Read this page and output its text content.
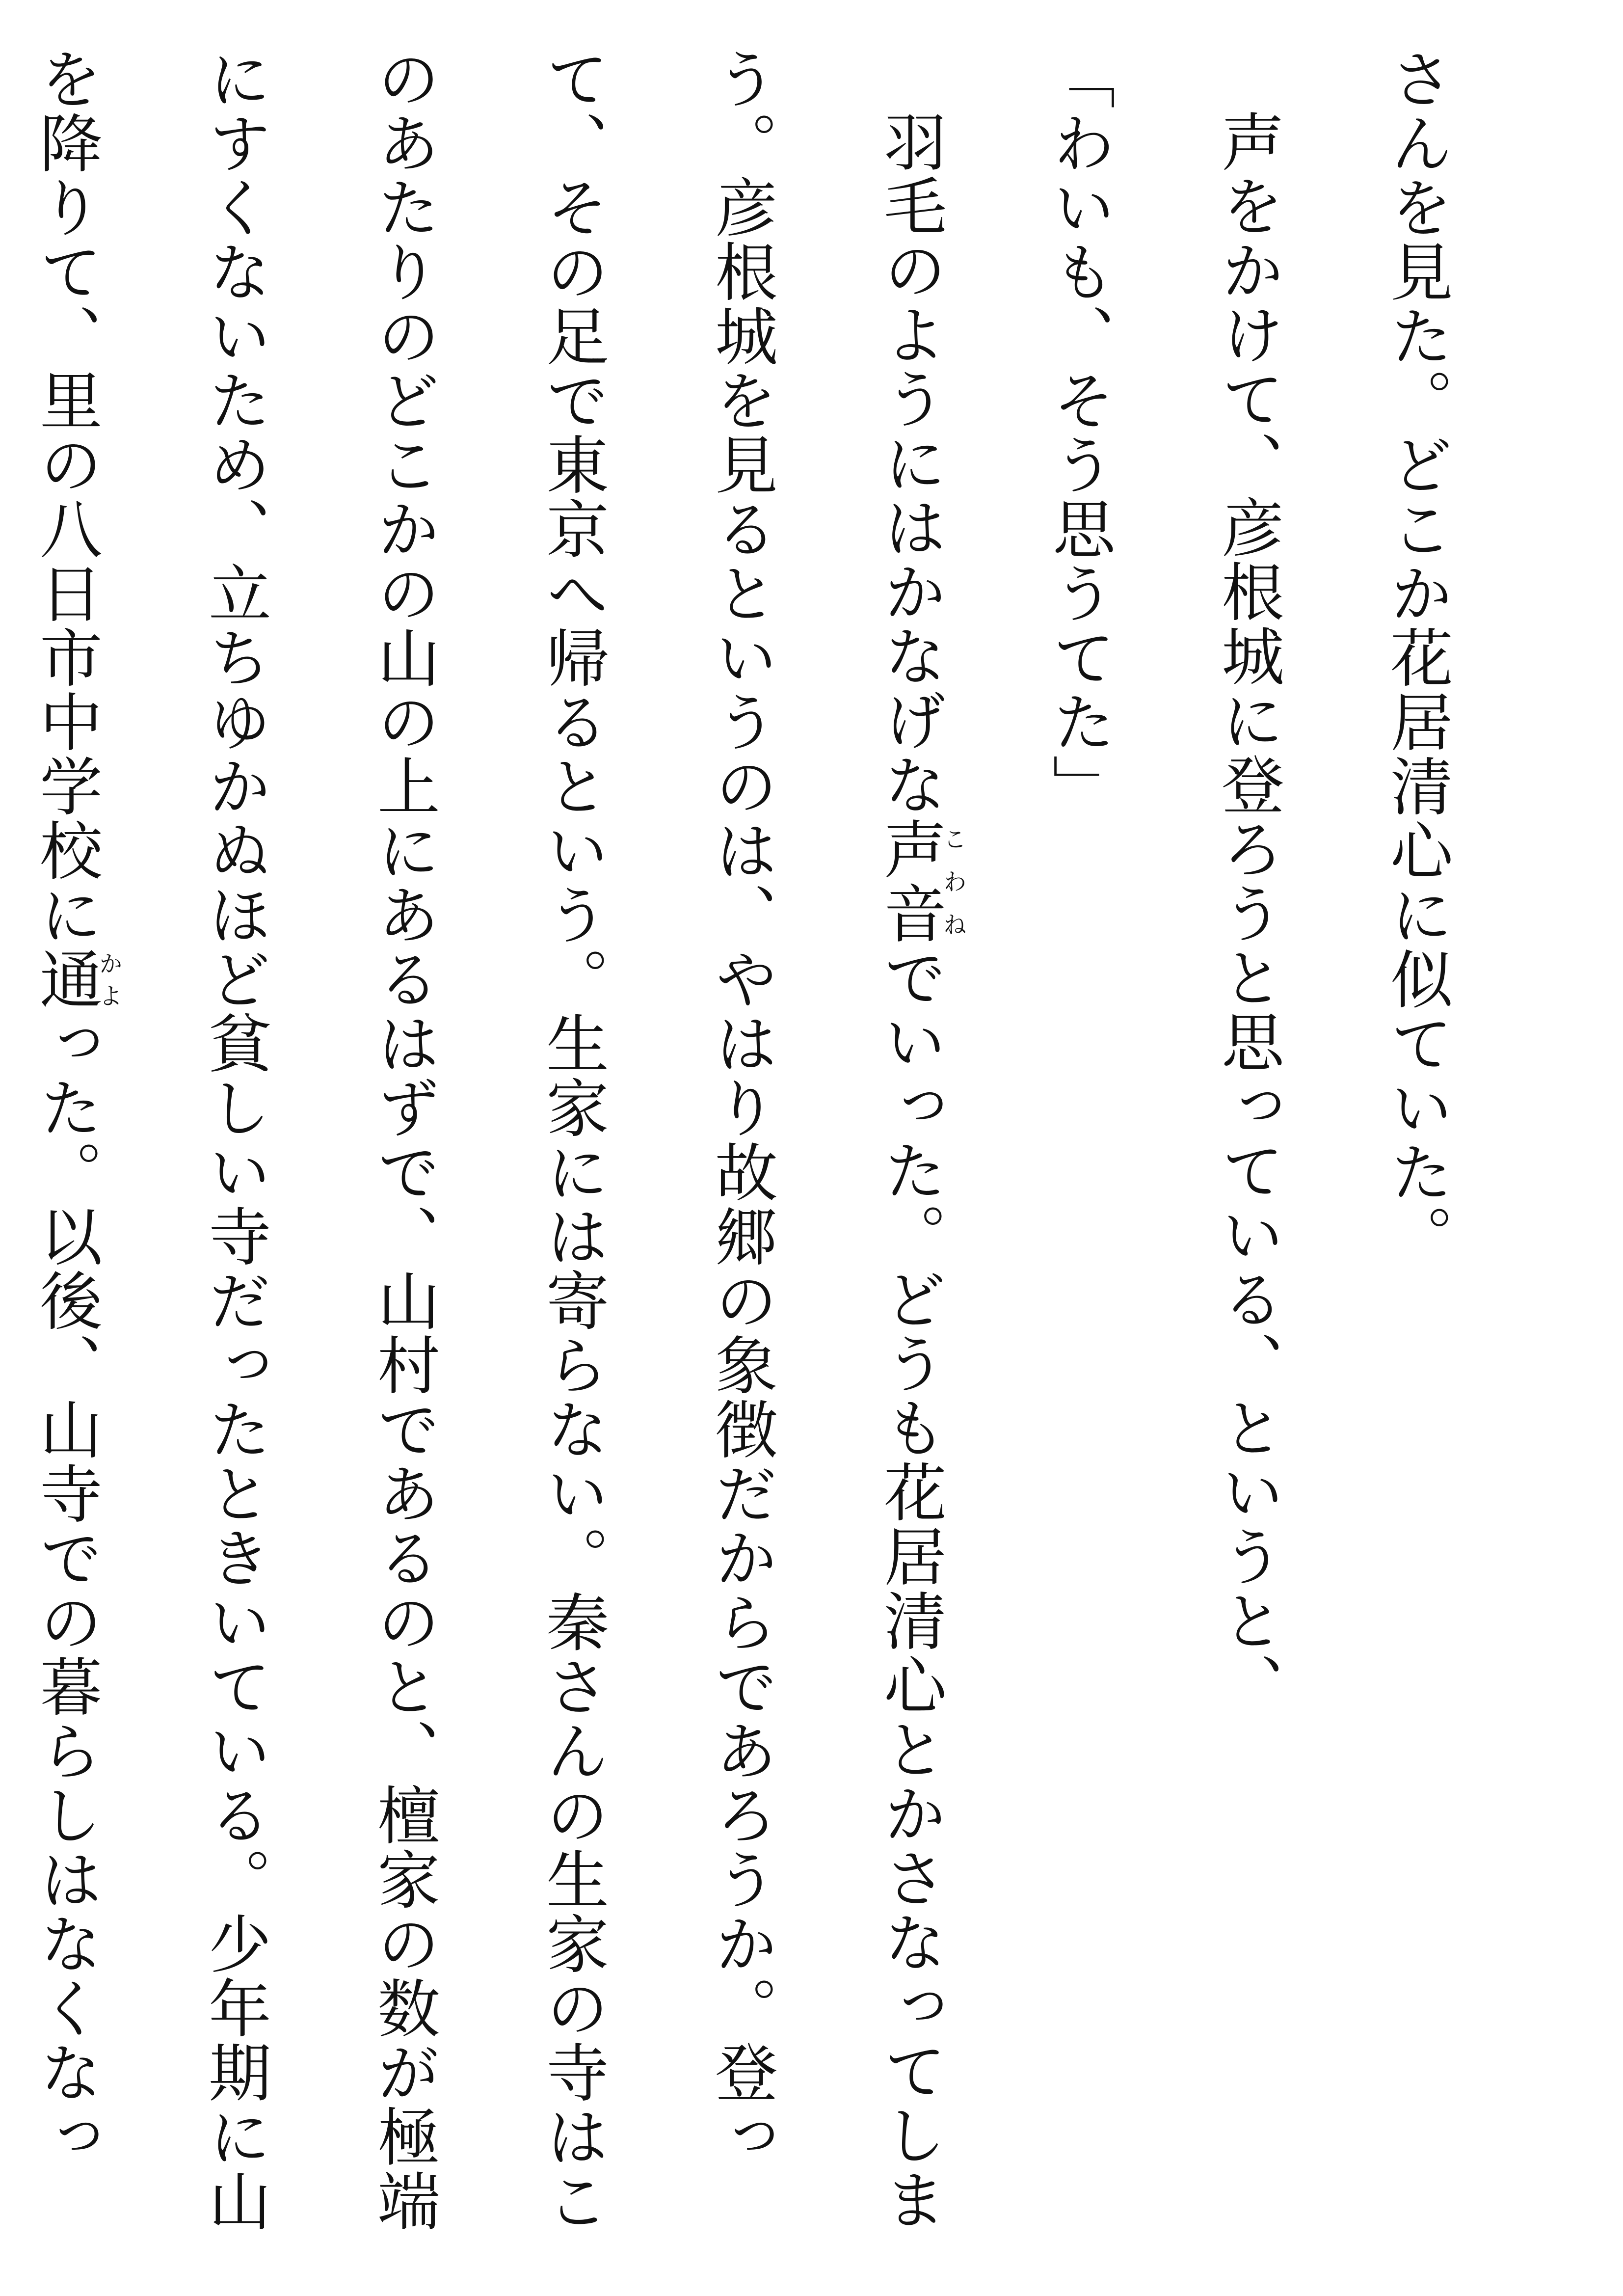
さんを見た。どこか花居清心に似ていた。

声をかけて、彦根城に登ろうと思っている、というと、

「わいも、そう思うてた」

羽毛のようにはかなげな声音こわねでいった。どうも花居清心とかさなってしまう。彦根城を見るというのは、やはり故郷の象徴だからであろうか。登って、その足で東京へ帰るという。生家には寄らない。秦さんの生家の寺はこのあたりのどこかの山の上にあるはずで、山村であるのと、檀家の数が極端にすくないため、立ちゆかぬほど貧しい寺だったときいている。少年期に山を降りて、里の八日市中学校に通かよった。以後、山寺での暮らしはなくなっ
